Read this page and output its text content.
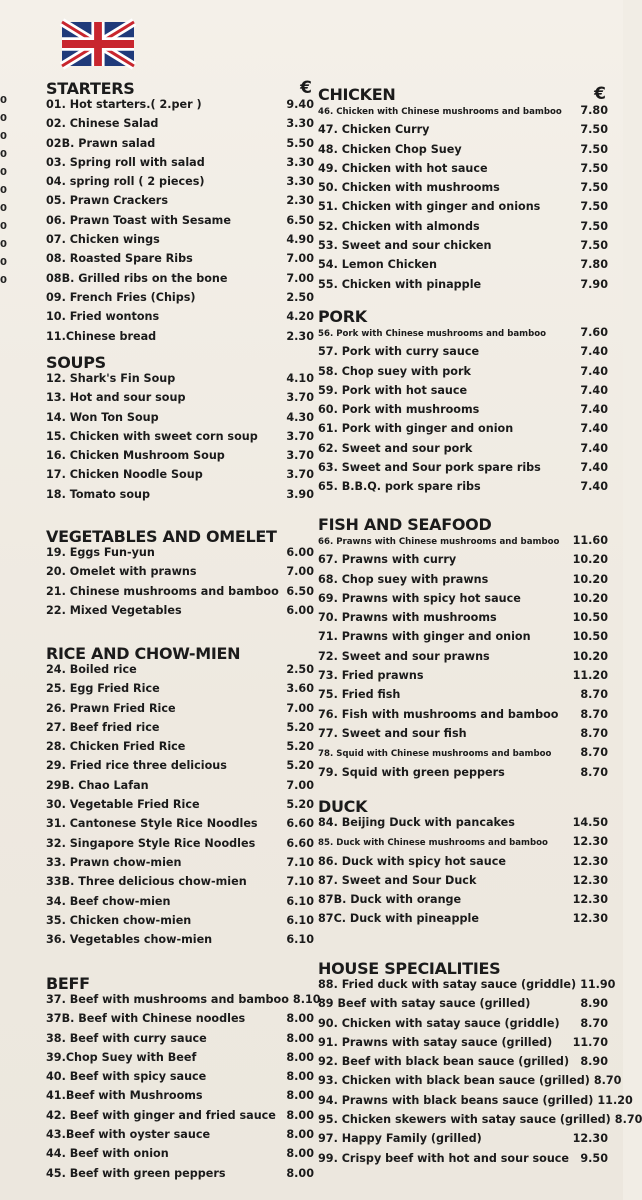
0
0
0
0
0
0
0
0
0
0
0
STARTERS	€
01. Hot starters.( 2.per )	9.40
02. Chinese Salad	3.30
02B. Prawn salad	5.50
03. Spring roll with salad	3.30
04. spring roll ( 2 pieces)	3.30
05. Prawn Crackers	2.30
06. Prawn Toast with Sesame	6.50
07. Chicken wings	4.90
08. Roasted Spare Ribs	7.00
08B. Grilled ribs on the bone	7.00
09. French Fries (Chips)	2.50
10. Fried wontons	4.20
11.Chinese bread	2.30
SOUPS
12. Shark's Fin Soup	4.10
13. Hot and sour soup	3.70
14. Won Ton Soup	4.30
15. Chicken with sweet corn soup	3.70
16. Chicken Mushroom Soup	3.70
17. Chicken Noodle Soup	3.70
18. Tomato soup	3.90
VEGETABLES AND OMELET
19. Eggs Fun-yun	6.00
20. Omelet with prawns	7.00
21. Chinese mushrooms and bamboo 6.50
22. Mixed Vegetables	6.00
RICE AND CHOW-MIEN
24. Boiled rice	2.50
25. Egg Fried Rice	3.60
26. Prawn Fried Rice	7.00
27. Beef fried rice	5.20
28. Chicken Fried Rice	5.20
29. Fried rice three delicious	5.20
29B. Chao Lafan	7.00
30. Vegetable Fried Rice	5.20
31. Cantonese Style Rice Noodles	6.60
32. Singapore Style Rice Noodles	6.60
33. Prawn chow-mien	7.10
33B. Three delicious chow-mien	7.10
34. Beef chow-mien	6.10
35. Chicken chow-mien	6.10
36. Vegetables chow-mien	6.10
BEFF
37. Beef with mushrooms and bamboo 8.10
37B. Beef with Chinese noodles	8.00
38. Beef with curry sauce	8.00
39.Chop Suey with Beef	8.00
40. Beef with spicy sauce	8.00
41.Beef with Mushrooms	8.00
42. Beef with ginger and fried sauce 8.00
43.Beef with oyster sauce	8.00
44. Beef with onion	8.00
45. Beef with green peppers	8.00
CHICKEN	€
46. Chicken with Chinese mushrooms and bamboo	7.80
47. Chicken Curry	7.50
48. Chicken Chop Suey	7.50
49. Chicken with hot sauce	7.50
50. Chicken with mushrooms	7.50
51. Chicken with ginger and onions	7.50
52. Chicken with almonds	7.50
53. Sweet and sour chicken	7.50
54. Lemon Chicken	7.80
55. Chicken with pinapple	7.90
PORK
56. Pork with Chinese mushrooms and bamboo	7.60
57. Pork with curry sauce	7.40
58. Chop suey with pork	7.40
59. Pork with hot sauce	7.40
60. Pork with mushrooms	7.40
61. Pork with ginger and onion	7.40
62. Sweet and sour pork	7.40
63. Sweet and Sour pork spare ribs	7.40
65. B.B.Q. pork spare ribs	7.40
FISH AND SEAFOOD
66. Prawns with Chinese mushrooms and bamboo	11.60
67. Prawns with curry	10.20
68. Chop suey with prawns	10.20
69. Prawns with spicy hot sauce	10.20
70. Prawns with mushrooms	10.50
71. Prawns with ginger and onion	10.50
72. Sweet and sour prawns	10.20
73. Fried prawns	11.20
75. Fried fish	8.70
76. Fish with mushrooms and bamboo	8.70
77. Sweet and sour fish	8.70
78. Squid with Chinese mushrooms and bamboo	8.70
79. Squid with green peppers	8.70
DUCK
84. Beijing Duck with pancakes	14.50
85. Duck with Chinese mushrooms and bamboo	12.30
86. Duck with spicy hot sauce	12.30
87. Sweet and Sour Duck	12.30
87B. Duck with orange	12.30
87C. Duck with pineapple	12.30
HOUSE SPECIALITIES
88. Fried duck with satay sauce (griddle) 11.90
89 Beef with satay sauce (grilled)	8.90
90. Chicken with satay sauce (griddle)	8.70
91. Prawns with satay sauce (grilled)	11.70
92. Beef with black bean sauce (grilled)	8.90
93. Chicken with black bean sauce (grilled) 8.70
94. Prawns with black beans sauce (grilled) 11.20
95. Chicken skewers with satay sauce (grilled) 8.70
97. Happy Family (grilled)	12.30
99. Crispy beef with hot and sour souce	9.50
